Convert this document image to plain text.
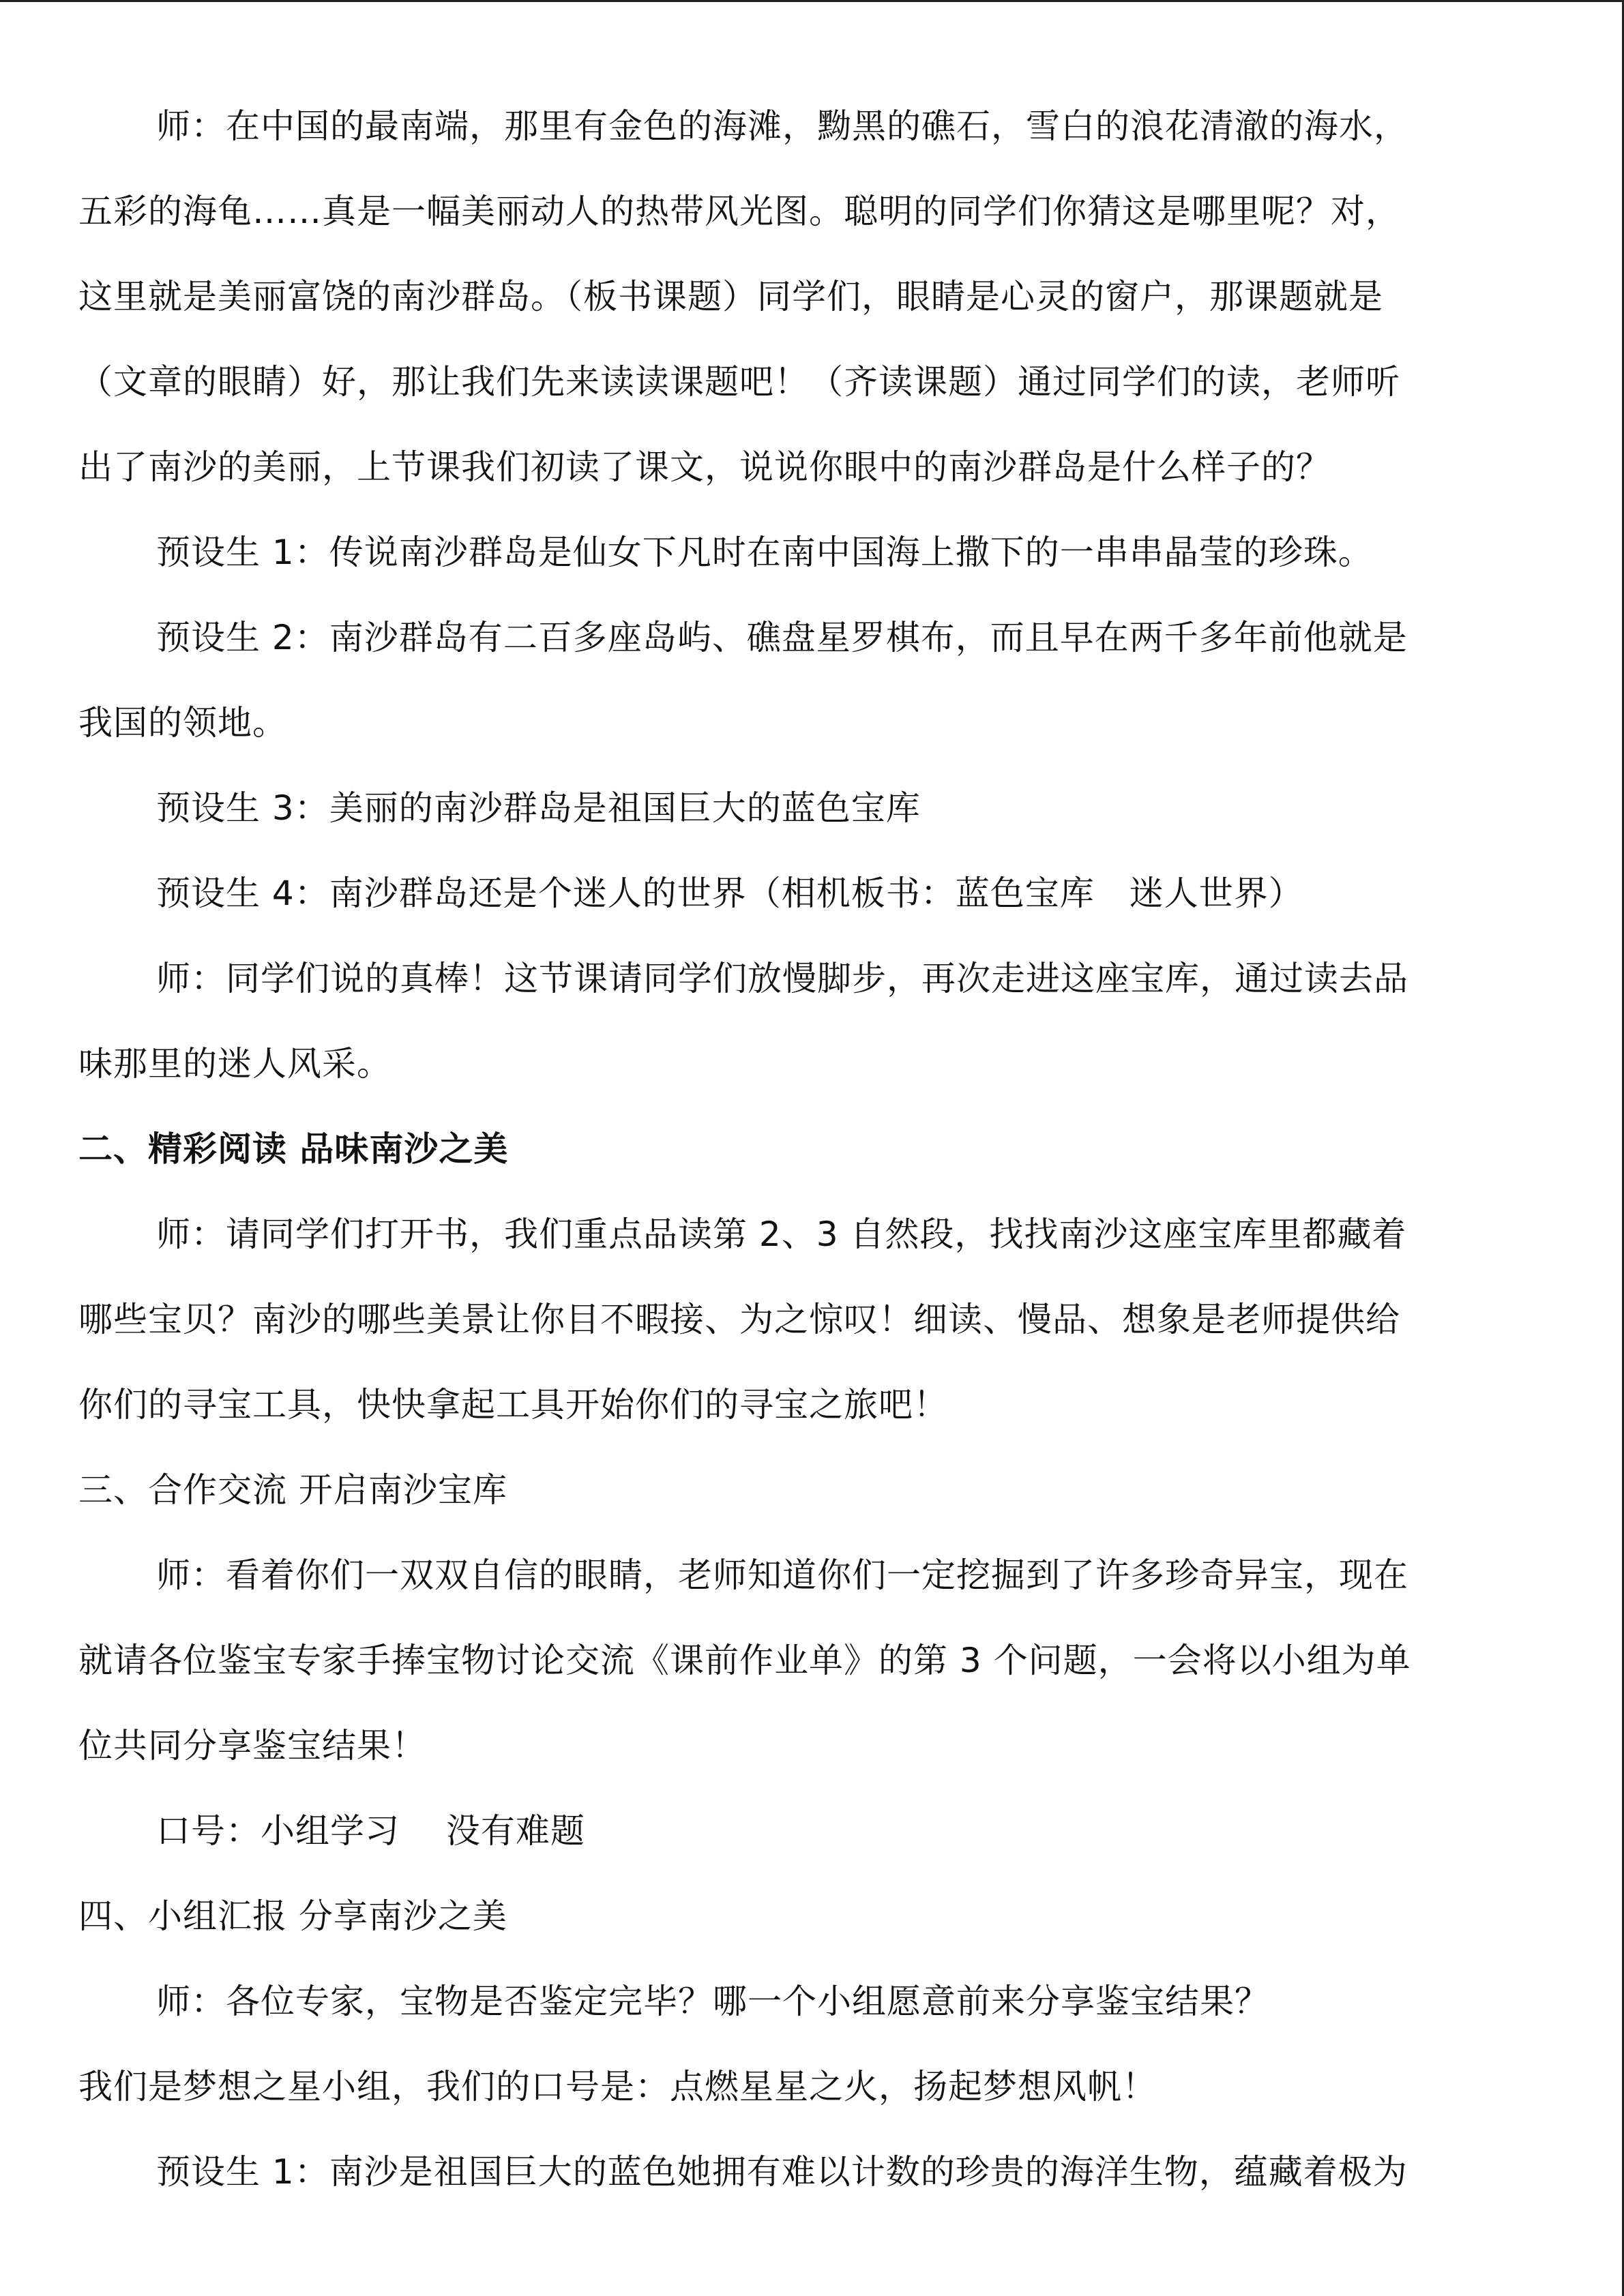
师：在中国的最南端，那里有金色的海滩，黝黑的礁石，雪白的浪花清澈的海水，
五彩的海龟……真是一幅美丽动人的热带风光图。聪明的同学们你猜这是哪里呢？对，
这里就是美丽富饶的南沙群岛。（板书课题）同学们，眼睛是心灵的窗户，那课题就是
（文章的眼睛）好，那让我们先来读读课题吧！（齐读课题）通过同学们的读，老师听
出了南沙的美丽，上节课我们初读了课文，说说你眼中的南沙群岛是什么样子的？
预设生 1：传说南沙群岛是仙女下凡时在南中国海上撒下的一串串晶莹的珍珠。
预设生 2：南沙群岛有二百多座岛屿、礁盘星罗棋布，而且早在两千多年前他就是
我国的领地。
预设生 3：美丽的南沙群岛是祖国巨大的蓝色宝库
预设生 4：南沙群岛还是个迷人的世界（相机板书：蓝色宝库　迷人世界）
师：同学们说的真棒！这节课请同学们放慢脚步，再次走进这座宝库，通过读去品
味那里的迷人风采。
二、精彩阅读 品味南沙之美
师：请同学们打开书，我们重点品读第 2、3 自然段，找找南沙这座宝库里都藏着
哪些宝贝？南沙的哪些美景让你目不暇接、为之惊叹！细读、慢品、想象是老师提供给
你们的寻宝工具，快快拿起工具开始你们的寻宝之旅吧！
三、合作交流 开启南沙宝库
师：看着你们一双双自信的眼睛，老师知道你们一定挖掘到了许多珍奇异宝，现在
就请各位鉴宝专家手捧宝物讨论交流《课前作业单》的第 3 个问题，一会将以小组为单
位共同分享鉴宝结果！
口号：小组学习　 没有难题
四、小组汇报 分享南沙之美
师：各位专家，宝物是否鉴定完毕？哪一个小组愿意前来分享鉴宝结果？
我们是梦想之星小组，我们的口号是：点燃星星之火，扬起梦想风帆！
预设生 1：南沙是祖国巨大的蓝色她拥有难以计数的珍贵的海洋生物，蕴藏着极为
